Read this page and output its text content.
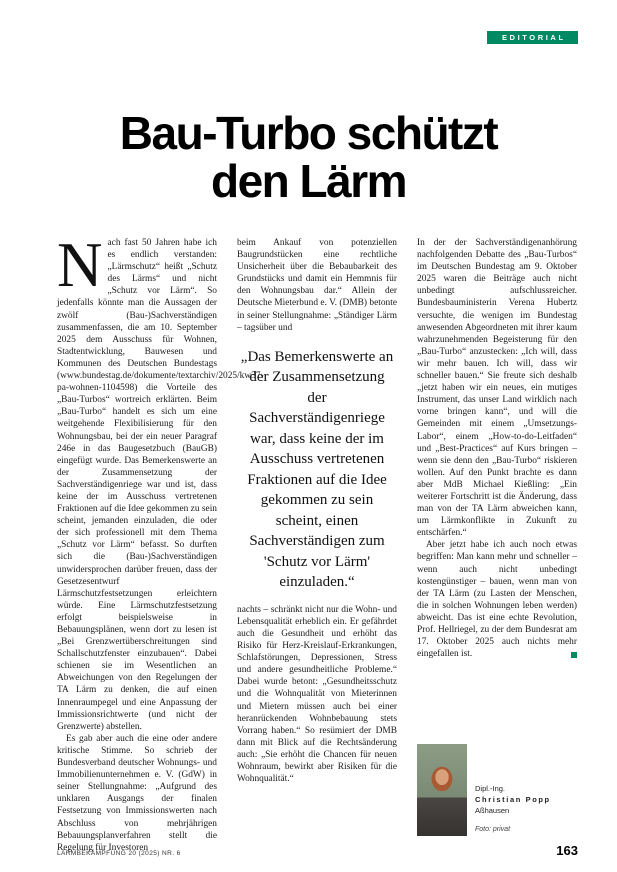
EDITORIAL
Bau-Turbo schützt
den Lärm

Nach fast 50 Jahren habe ich es endlich verstanden: „Lärmschutz“ heißt „Schutz des Lärms“ und nicht „Schutz vor Lärm“. So jedenfalls könnte man die Aussagen der zwölf (Bau-)Sachverständigen zusammenfassen, die am 10. September 2025 dem Ausschuss für Wohnen, Stadtentwicklung, Bauwesen und Kommunen des Deutschen Bundestags (www.bundestag.de/dokumente/textarchiv/2025/kw37-pa-wohnen-1104598) die Vorteile des „Bau-Turbos“ wortreich erklärten. Beim „Bau-Turbo“ handelt es sich um eine weitgehende Flexibilisierung für den Wohnungsbau, bei der ein neuer Paragraf 246e in das Baugesetzbuch (BauGB) eingefügt wurde. Das Bemerkenswerte an der Zusammensetzung der Sachverständigenriege war und ist, dass keine der im Ausschuss vertretenen Fraktionen auf die Idee gekommen zu sein scheint, jemanden einzuladen, die oder der sich professionell mit dem Thema „Schutz vor Lärm“ befasst. So durften sich die (Bau-)Sachverständigen unwidersprochen darüber freuen, dass der Gesetzesentwurf Lärmschutzfestsetzungen erleichtern würde. Eine Lärmschutzfestsetzung erfolgt beispielsweise in Bebauungsplänen, wenn dort zu lesen ist „Bei Grenzwertüberschreitungen sind Schallschutzfenster einzubauen“. Dabei schienen sie im Wesentlichen an Abweichungen von den Regelungen der TA Lärm zu denken, die auf einen Innenraumpegel und eine Anpassung der Immissionsrichtwerte (und nicht der Grenzwerte) abstellen.

Es gab aber auch die eine oder andere kritische Stimme. So schrieb der Bundesverband deutscher Wohnungs- und Immobilienunternehmen e. V. (GdW) in seiner Stellungnahme: „Aufgrund des unklaren Ausgangs der finalen Festsetzung von Immissionswerten nach Abschluss von mehrjährigen Bebauungsplanverfahren stellt die Regelung für Investoren

beim Ankauf von potenziellen Baugrundstücken eine rechtliche Unsicherheit über die Bebaubarkeit des Grundstücks und damit ein Hemmnis für den Wohnungsbau dar.“ Allein der Deutsche Mieterbund e. V. (DMB) betonte in seiner Stellungnahme: „Ständiger Lärm – tagsüber und

„Das Bemerkenswerte an der Zusammensetzung der Sachverständigenriege war, dass keine der im Ausschuss vertretenen Fraktionen auf die Idee gekommen zu sein scheint, einen Sachverständigen zum 'Schutz vor Lärm' einzuladen.“

nachts – schränkt nicht nur die Wohn- und Lebensqualität erheblich ein. Er gefährdet auch die Gesundheit und erhöht das Risiko für Herz-Kreislauf-Erkrankungen, Schlafstörungen, Depressionen, Stress und andere gesundheitliche Probleme.“ Dabei wurde betont: „Gesundheitsschutz und die Wohnqualität von Mieterinnen und Mietern müssen auch bei einer heranrückenden Wohnbebauung stets Vorrang haben.“ So resümiert der DMB dann mit Blick auf die Rechtsänderung auch: „Sie erhöht die Chancen für neuen Wohnraum, bewirkt aber Risiken für die Wohnqualität.“

In der der Sachverständigenanhörung nachfolgenden Debatte des „Bau-Turbos“ im Deutschen Bundestag am 9. Oktober 2025 waren die Beiträge auch nicht unbedingt aufschlussreicher. Bundesbauministerin Verena Hubertz versuchte, die wenigen im Bundestag anwesenden Abgeordneten mit ihrer kaum wahrzunehmenden Begeisterung für den „Bau-Turbo“ anzustecken: „Ich will, dass wir mehr bauen. Ich will, dass wir schneller bauen.“ Sie freute sich deshalb „jetzt haben wir ein neues, ein mutiges Instrument, das unser Land wirklich nach vorne bringen kann“, und will die Gemeinden mit einem „Umsetzungs-Labor“, einem „How-to-do-Leitfaden“ und „Best-Practices“ auf Kurs bringen – wenn sie denn den „Bau-Turbo“ riskieren wollen. Auf den Punkt brachte es dann aber MdB Michael Kießling: „Ein weiterer Fortschritt ist die Änderung, dass man von der TA Lärm abweichen kann, um Lärmkonflikte in Zukunft zu entschärfen.“

Aber jetzt habe ich auch noch etwas begriffen: Man kann mehr und schneller – wenn auch nicht unbedingt kostengünstiger – bauen, wenn man von der TA Lärm (zu Lasten der Menschen, die in solchen Wohnungen leben werden) abweicht. Das ist eine echte Revolution, Prof. Hellriegel, zu der dem Bundesrat am 17. Oktober 2025 auch nichts mehr eingefallen ist.

Dipl.-Ing.
Christian Popp
Aßhausen
Foto: privat
LÄRMBEKÄMPFUNG 20 (2025) NR. 6	163
